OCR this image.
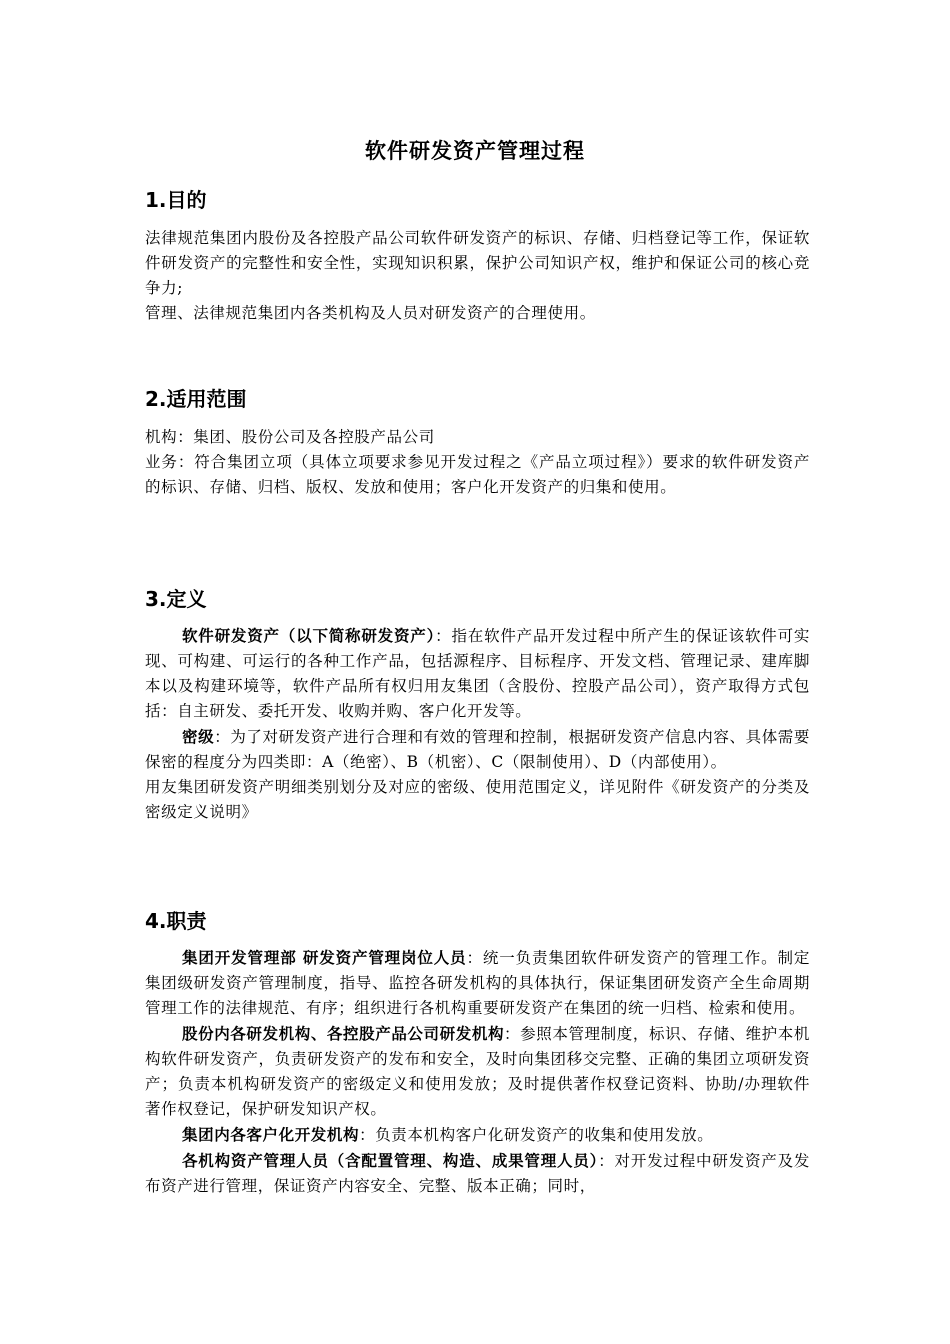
软件研发资产管理过程
1.目的

法律规范集团内股份及各控股产品公司软件研发资产的标识、存储、归档登记等工作，保证软件研发资产的完整性和安全性，实现知识积累，保护公司知识产权，维护和保证公司的核心竞争力;

管理、法律规范集团内各类机构及人员对研发资产的合理使用。

2.适用范围

机构：集团、股份公司及各控股产品公司

业务：符合集团立项（具体立项要求参见开发过程之《产品立项过程》）要求的软件研发资产的标识、存储、归档、版权、发放和使用；客户化开发资产的归集和使用。

3.定义

软件研发资产（以下简称研发资产）：指在软件产品开发过程中所产生的保证该软件可实现、可构建、可运行的各种工作产品，包括源程序、目标程序、开发文档、管理记录、建库脚本以及构建环境等，软件产品所有权归用友集团（含股份、控股产品公司），资产取得方式包括：自主研发、委托开发、收购并购、客户化开发等。

密级：为了对研发资产进行合理和有效的管理和控制，根据研发资产信息内容、具体需要保密的程度分为四类即：A（绝密）、B（机密）、C（限制使用）、D（内部使用）。

用友集团研发资产明细类别划分及对应的密级、使用范围定义，详见附件《研发资产的分类及密级定义说明》

4.职责

集团开发管理部 研发资产管理岗位人员：统一负责集团软件研发资产的管理工作。制定集团级研发资产管理制度，指导、监控各研发机构的具体执行，保证集团研发资产全生命周期管理工作的法律规范、有序；组织进行各机构重要研发资产在集团的统一归档、检索和使用。

股份内各研发机构、各控股产品公司研发机构：参照本管理制度，标识、存储、维护本机构软件研发资产，负责研发资产的发布和安全，及时向集团移交完整、正确的集团立项研发资产；负责本机构研发资产的密级定义和使用发放；及时提供著作权登记资料、协助/办理软件著作权登记，保护研发知识产权。

集团内各客户化开发机构：负责本机构客户化研发资产的收集和使用发放。

各机构资产管理人员（含配置管理、构造、成果管理人员）：对开发过程中研发资产及发布资产进行管理，保证资产内容安全、完整、版本正确；同时，
